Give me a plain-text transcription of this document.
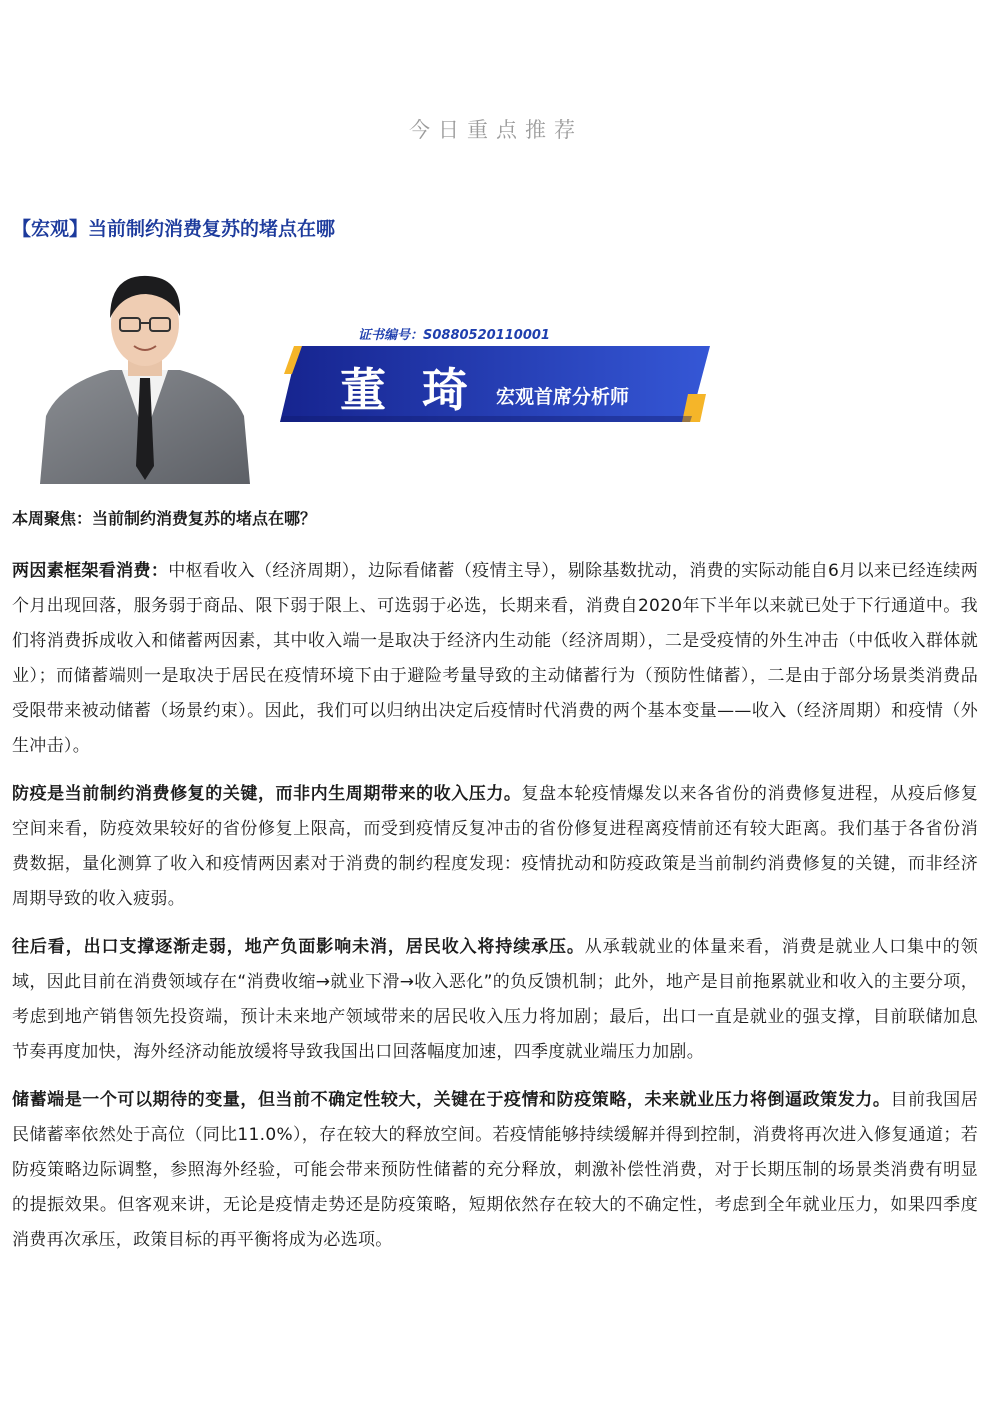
今日重点推荐
【宏观】当前制约消费复苏的堵点在哪
证书编号：S0880520110001
董 琦 宏观首席分析师
本周聚焦：当前制约消费复苏的堵点在哪？

两因素框架看消费：中枢看收入（经济周期），边际看储蓄（疫情主导），剔除基数扰动，消费的实际动能自6月以来已经连续两个月出现回落，服务弱于商品、限下弱于限上、可选弱于必选，长期来看，消费自2020年下半年以来就已处于下行通道中。我们将消费拆成收入和储蓄两因素，其中收入端一是取决于经济内生动能（经济周期），二是受疫情的外生冲击（中低收入群体就业）；而储蓄端则一是取决于居民在疫情环境下由于避险考量导致的主动储蓄行为（预防性储蓄），二是由于部分场景类消费品受限带来被动储蓄（场景约束）。因此，我们可以归纳出决定后疫情时代消费的两个基本变量——收入（经济周期）和疫情（外生冲击）。

防疫是当前制约消费修复的关键，而非内生周期带来的收入压力。复盘本轮疫情爆发以来各省份的消费修复进程，从疫后修复空间来看，防疫效果较好的省份修复上限高，而受到疫情反复冲击的省份修复进程离疫情前还有较大距离。我们基于各省份消费数据，量化测算了收入和疫情两因素对于消费的制约程度发现：疫情扰动和防疫政策是当前制约消费修复的关键，而非经济周期导致的收入疲弱。

往后看，出口支撑逐渐走弱，地产负面影响未消，居民收入将持续承压。从承载就业的体量来看，消费是就业人口集中的领域，因此目前在消费领域存在“消费收缩→就业下滑→收入恶化”的负反馈机制；此外，地产是目前拖累就业和收入的主要分项，考虑到地产销售领先投资端，预计未来地产领域带来的居民收入压力将加剧；最后，出口一直是就业的强支撑，目前联储加息节奏再度加快，海外经济动能放缓将导致我国出口回落幅度加速，四季度就业端压力加剧。

储蓄端是一个可以期待的变量，但当前不确定性较大，关键在于疫情和防疫策略，未来就业压力将倒逼政策发力。目前我国居民储蓄率依然处于高位（同比11.0%），存在较大的释放空间。若疫情能够持续缓解并得到控制，消费将再次进入修复通道；若防疫策略边际调整，参照海外经验，可能会带来预防性储蓄的充分释放，刺激补偿性消费，对于长期压制的场景类消费有明显的提振效果。但客观来讲，无论是疫情走势还是防疫策略，短期依然存在较大的不确定性，考虑到全年就业压力，如果四季度消费再次承压，政策目标的再平衡将成为必选项。
